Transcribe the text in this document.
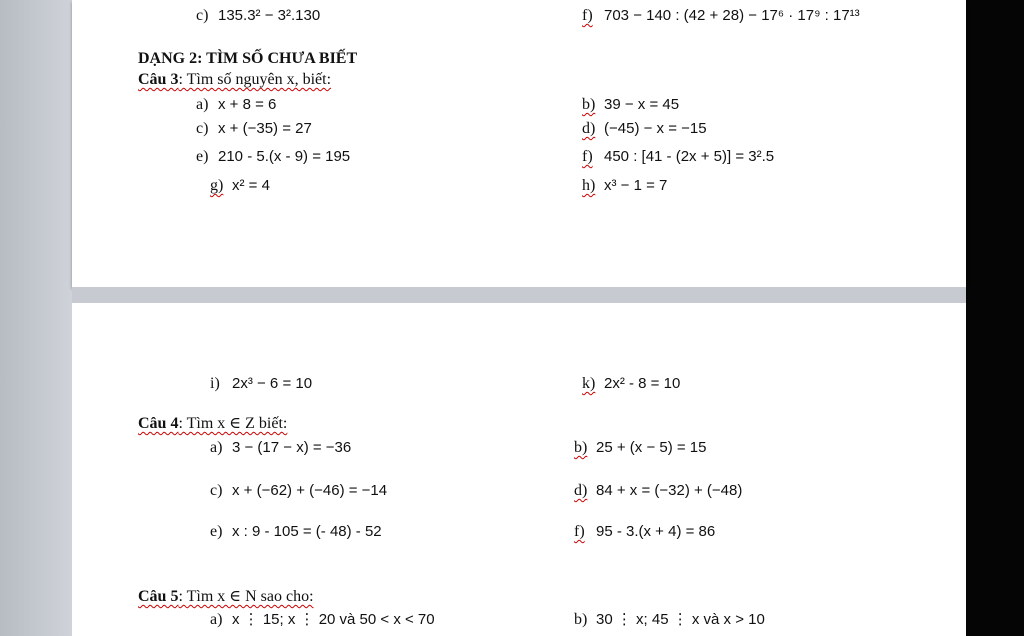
c) 135.3² − 3².130	f) 703 − 140 : (42 + 28) − 17⁶ · 17⁹ : 17¹³
DẠNG 2: TÌM SỐ CHƯA BIẾT
Câu 3: Tìm số nguyên x, biết:
a) x + 8 = 6	b) 39 − x = 45
c) x + (−35) = 27	d) (−45) − x = −15
e) 210 - 5.(x - 9) = 195	f) 450 : [41 - (2x + 5)] = 3².5
g) x² = 4	h) x³ − 1 = 7
i) 2x³ − 6 = 10	k) 2x² - 8 = 10
Câu 4: Tìm x ∈ Z biết:
a) 3 − (17 − x) = −36	b) 25 + (x − 5) = 15
c) x + (−62) + (−46) = −14	d) 84 + x = (−32) + (−48)
e) x : 9 - 105 = (- 48) - 52	f) 95 - 3.(x + 4) = 86
Câu 5: Tìm x ∈ N sao cho:
a) x ⋮ 15; x ⋮ 20 và 50 < x < 70	b) 30 ⋮ x; 45 ⋮ x và x > 10
